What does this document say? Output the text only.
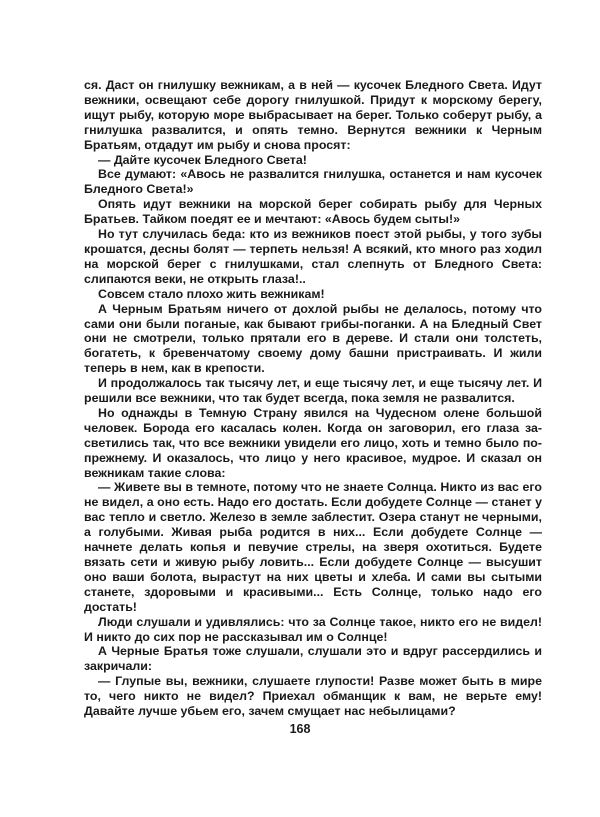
ся. Даст он гнилушку вежникам, а в ней — кусочек Бледного Света. Идут вежники, освещают себе дорогу гнилушкой. Придут к морскому берегу, ищут рыбу, которую море выбрасывает на берег. Только соберут рыбу, а гнилушка развалится, и опять темно. Вернутся вежники к Черным Братьям, отдадут им рыбу и снова просят:

— Дайте кусочек Бледного Света!

Все думают: «Авось не развалится гнилушка, останется и нам кусочек Бледного Света!»

Опять идут вежники на морской берег собирать рыбу для Черных Братьев. Тайком поедят ее и мечтают: «Авось будем сыты!»

Но тут случилась беда: кто из вежников поест этой рыбы, у того зубы крошатся, десны болят — терпеть нельзя! А всякий, кто много раз ходил на морской берег с гнилушками, стал слепнуть от Бледного Света: слипаются веки, не открыть глаза!..

Совсем стало плохо жить вежникам!

А Черным Братьям ничего от дохлой рыбы не делалось, потому что сами они были поганые, как бывают грибы-поганки. А на Бледный Свет они не смотрели, только прятали его в дереве. И стали они толстеть, богатеть, к бревенчатому своему дому башни пристраивать. И жили теперь в нем, как в крепости.

И продолжалось так тысячу лет, и еще тысячу лет, и еще тысячу лет. И решили все вежники, что так будет всегда, пока земля не развалится.

Но однажды в Темную Страну явился на Чудесном олене большой человек. Борода его касалась колен. Когда он заговорил, его глаза засветились так, что все вежники увидели его лицо, хоть и темно было по-прежнему. И оказалось, что лицо у него красивое, мудрое. И сказал он вежникам такие слова:

— Живете вы в темноте, потому что не знаете Солнца. Никто из вас его не видел, а оно есть. Надо его достать. Если добудете Солнце — станет у вас тепло и светло. Железо в земле заблестит. Озера станут не черными, а голубыми. Живая рыба родится в них... Если добудете Солнце — начнете делать копья и певучие стрелы, на зверя охотиться. Будете вязать сети и живую рыбу ловить... Если добудете Солнце — высушит оно ваши болота, вырастут на них цветы и хлеба. И сами вы сытыми станете, здоровыми и красивыми... Есть Солнце, только надо его достать!

Люди слушали и удивлялись: что за Солнце такое, никто его не видел! И никто до сих пор не рассказывал им о Солнце!

А Черные Братья тоже слушали, слушали это и вдруг рассердились и закричали:

— Глупые вы, вежники, слушаете глупости! Разве может быть в мире то, чего никто не видел? Приехал обманщик к вам, не верьте ему! Давайте лучше убьем его, зачем смущает нас небылицами?

168
